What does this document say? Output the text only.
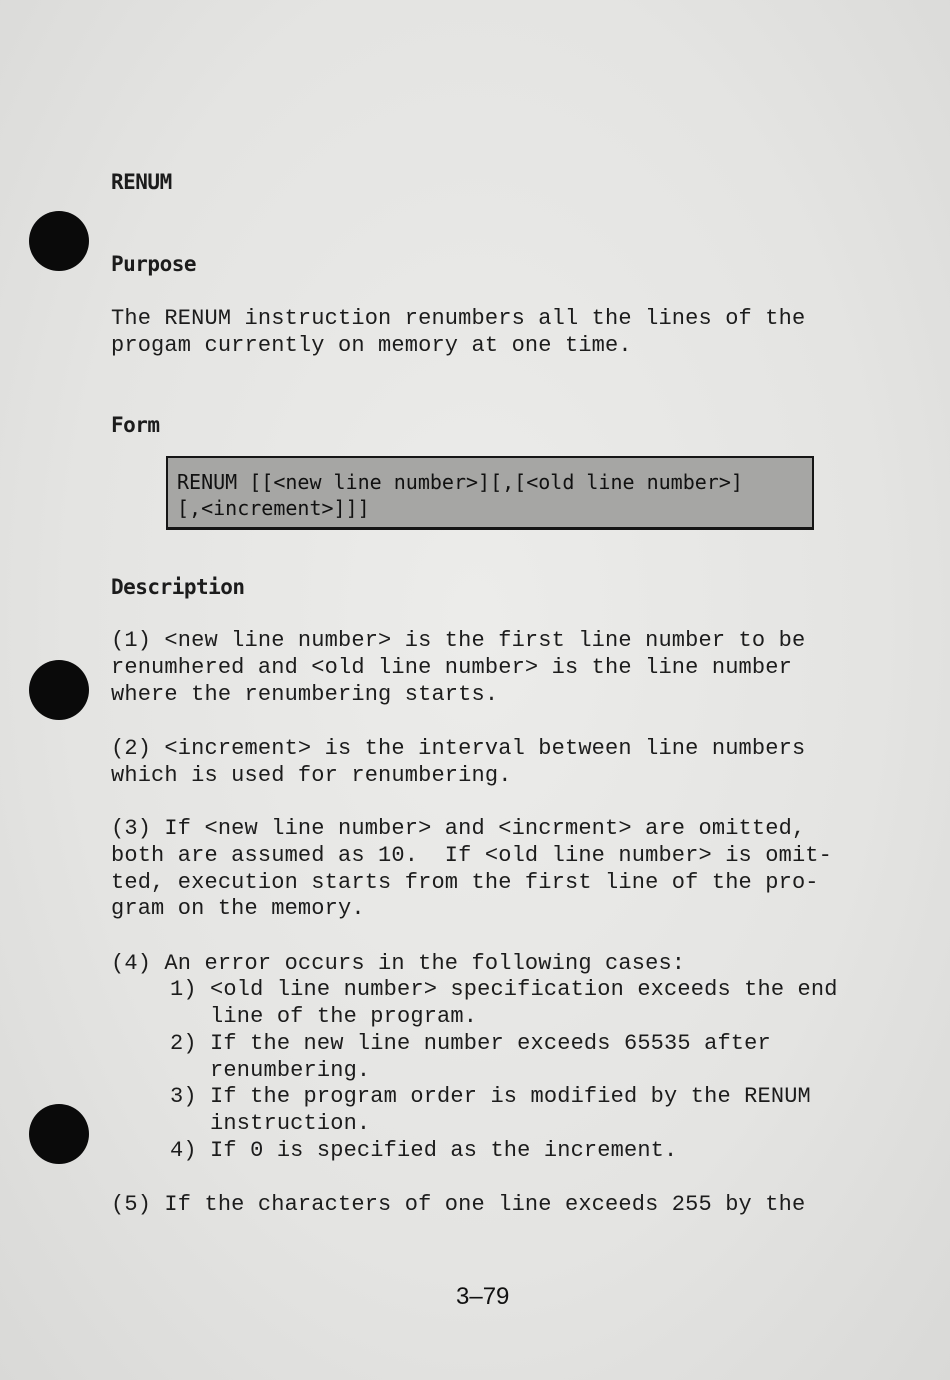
RENUM
Purpose

The RENUM instruction renumbers all the lines of the
progam currently on memory at one time.

Form

RENUM [[<new line number>][,[<old line number>]

[,<increment>]]]

Description

(1) <new line number> is the first line number to be
renumhered and <old line number> is the line number
where the renumbering starts.

(2) <increment> is the interval between line numbers
which is used for renumbering.

(3) If <new line number> and <incrment> are omitted,
both are assumed as 10.  If <old line number> is omit-
ted, execution starts from the first line of the pro-
gram on the memory.

(4) An error occurs in the following cases:

1) <old line number> specification exceeds the end
line of the program.

2) If the new line number exceeds 65535 after
renumbering.

3) If the program order is modified by the RENUM
instruction.

4) If 0 is specified as the increment.

(5) If the characters of one line exceeds 255 by the

3–79
